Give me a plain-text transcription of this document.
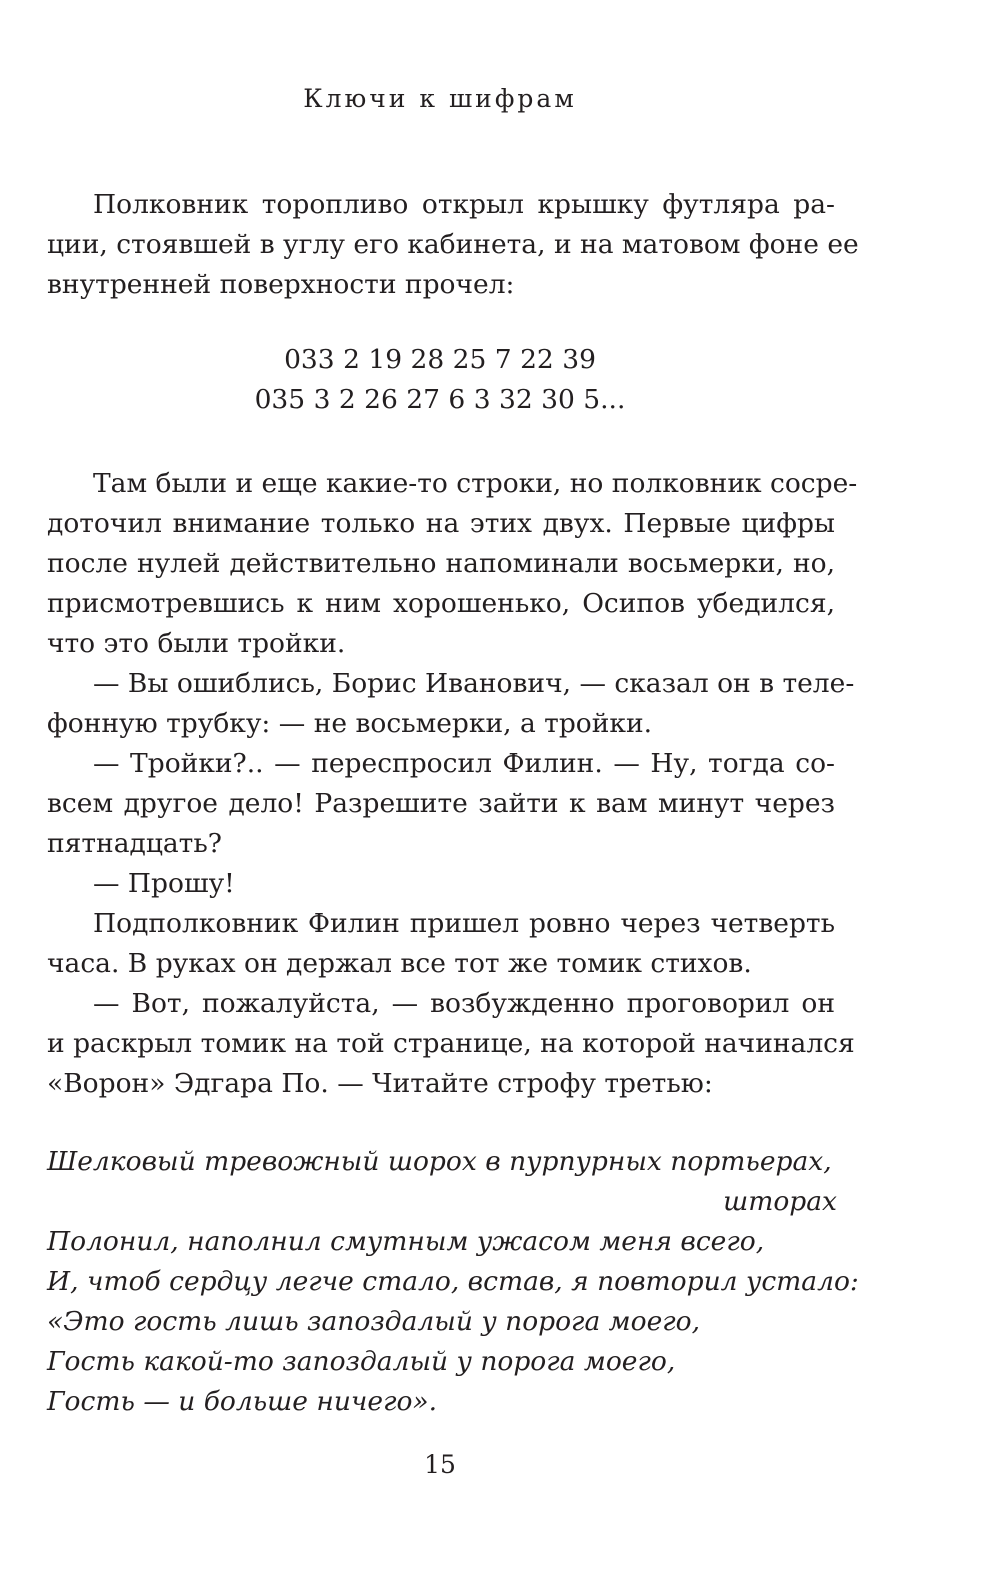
Ключи к шифрам
Полковник торопливо открыл крышку футляра ра-
ции, стоявшей в углу его кабинета, и на матовом фоне ее
внутренней поверхности прочел:
033 2 19 28 25 7 22 39
035 3 2 26 27 6 3 32 30 5...
Там были и еще какие-то строки, но полковник сосре-
доточил внимание только на этих двух. Первые цифры
после нулей действительно напоминали восьмерки, но,
присмотревшись к ним хорошенько, Осипов убедился,
что это были тройки.
— Вы ошиблись, Борис Иванович, — сказал он в теле-
фонную трубку: — не восьмерки, а тройки.
— Тройки?.. — переспросил Филин. — Ну, тогда со-
всем другое дело! Разрешите зайти к вам минут через
пятнадцать?
— Прошу!
Подполковник Филин пришел ровно через четверть
часа. В руках он держал все тот же томик стихов.
— Вот, пожалуйста, — возбужденно проговорил он
и раскрыл томик на той странице, на которой начинался
«Ворон» Эдгара По. — Читайте строфу третью:
Шелковый тревожный шорох в пурпурных портьерах,
шторах
Полонил, наполнил смутным ужасом меня всего,
И, чтоб сердцу легче стало, встав, я повторил устало:
«Это гость лишь запоздалый у порога моего,
Гость какой-то запоздалый у порога моего,
Гость — и больше ничего».
15
